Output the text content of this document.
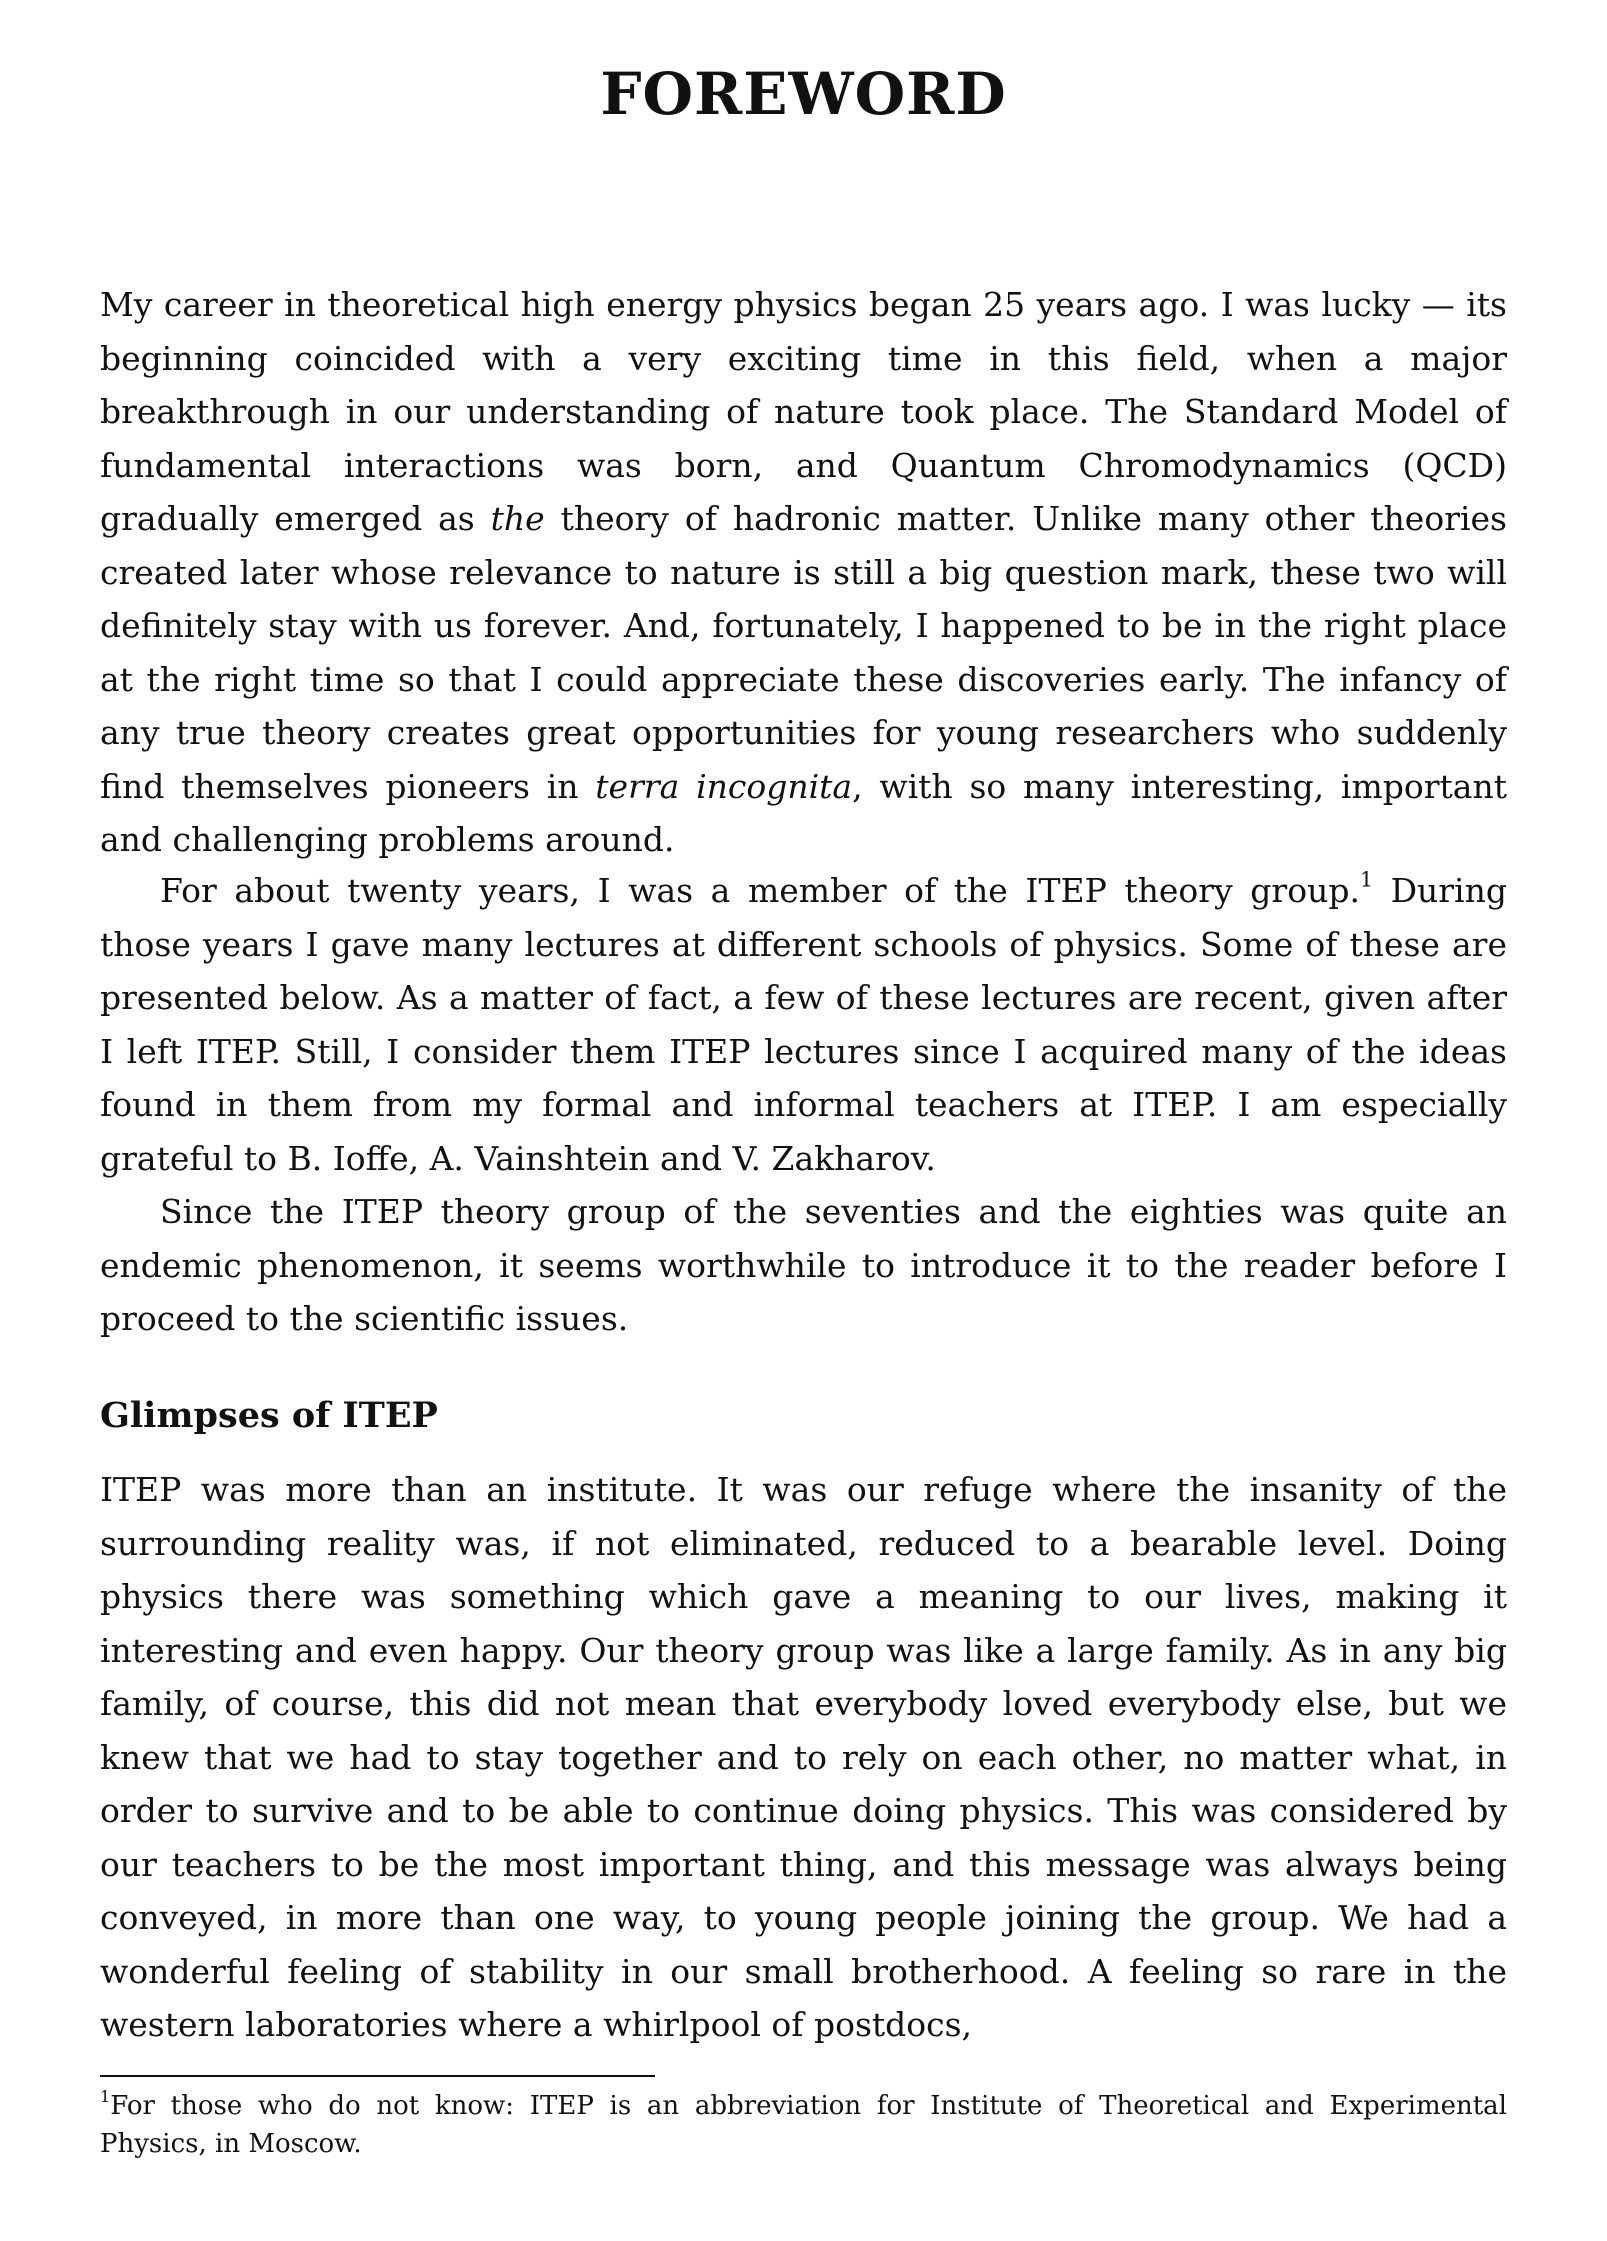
FOREWORD

My career in theoretical high energy physics began 25 years ago. I was lucky — its beginning coincided with a very exciting time in this field, when a major breakthrough in our understanding of nature took place. The Standard Model of fundamental interactions was born, and Quantum Chromodynamics (QCD) gradually emerged as the theory of hadronic matter. Unlike many other theories created later whose relevance to nature is still a big question mark, these two will definitely stay with us forever. And, fortunately, I happened to be in the right place at the right time so that I could appreciate these discoveries early. The infancy of any true theory creates great opportunities for young researchers who suddenly find themselves pioneers in terra incognita, with so many interesting, important and challenging problems around.

For about twenty years, I was a member of the ITEP theory group.$^1$ During those years I gave many lectures at different schools of physics. Some of these are presented below. As a matter of fact, a few of these lectures are recent, given after I left ITEP. Still, I consider them ITEP lectures since I acquired many of the ideas found in them from my formal and informal teachers at ITEP. I am especially grateful to B. Ioffe, A. Vainshtein and V. Zakharov.

Since the ITEP theory group of the seventies and the eighties was quite an endemic phenomenon, it seems worthwhile to introduce it to the reader before I proceed to the scientific issues.

Glimpses of ITEP

ITEP was more than an institute. It was our refuge where the insanity of the surrounding reality was, if not eliminated, reduced to a bearable level. Doing physics there was something which gave a meaning to our lives, making it interesting and even happy. Our theory group was like a large family. As in any big family, of course, this did not mean that everybody loved everybody else, but we knew that we had to stay together and to rely on each other, no matter what, in order to survive and to be able to continue doing physics. This was considered by our teachers to be the most important thing, and this message was always being conveyed, in more than one way, to young people joining the group. We had a wonderful feeling of stability in our small brotherhood. A feeling so rare in the western laboratories where a whirlpool of postdocs,

$^1$For those who do not know: ITEP is an abbreviation for Institute of Theoretical and Experimental Physics, in Moscow.
